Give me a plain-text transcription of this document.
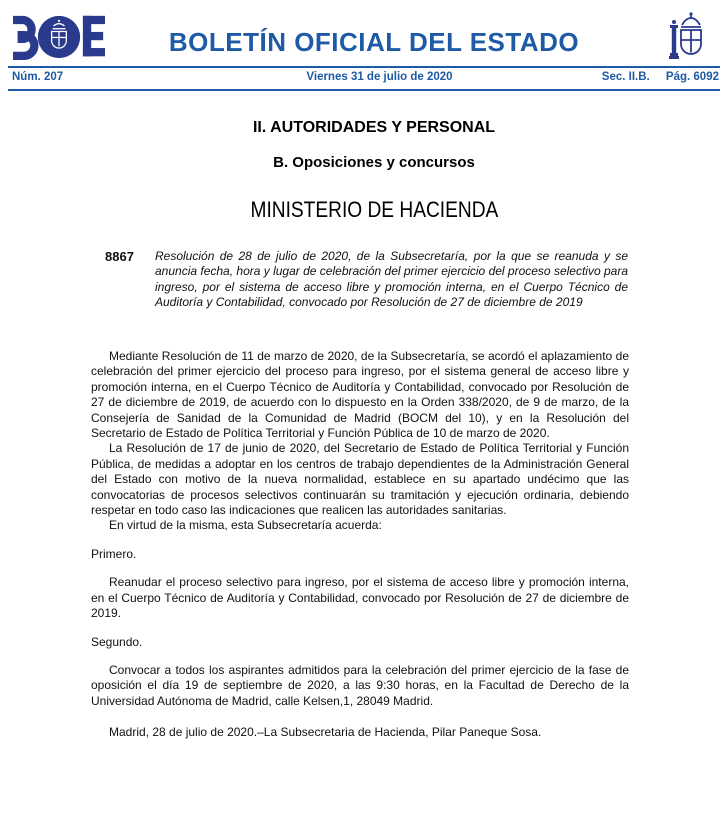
BOLETÍN OFICIAL DEL ESTADO
Núm. 207	Viernes 31 de julio de 2020	Sec. II.B. Pág. 6092
II. AUTORIDADES Y PERSONAL
B. Oposiciones y concursos
MINISTERIO DE HACIENDA
8867	Resolución de 28 de julio de 2020, de la Subsecretaría, por la que se reanuda y se anuncia fecha, hora y lugar de celebración del primer ejercicio del proceso selectivo para ingreso, por el sistema de acceso libre y promoción interna, en el Cuerpo Técnico de Auditoría y Contabilidad, convocado por Resolución de 27 de diciembre de 2019

Mediante Resolución de 11 de marzo de 2020, de la Subsecretaría, se acordó el aplazamiento de celebración del primer ejercicio del proceso para ingreso, por el sistema general de acceso libre y promoción interna, en el Cuerpo Técnico de Auditoría y Contabilidad, convocado por Resolución de 27 de diciembre de 2019, de acuerdo con lo dispuesto en la Orden 338/2020, de 9 de marzo, de la Consejería de Sanidad de la Comunidad de Madrid (BOCM del 10), y en la Resolución del Secretario de Estado de Política Territorial y Función Pública de 10 de marzo de 2020.

La Resolución de 17 de junio de 2020, del Secretario de Estado de Política Territorial y Función Pública, de medidas a adoptar en los centros de trabajo dependientes de la Administración General del Estado con motivo de la nueva normalidad, establece en su apartado undécimo que las convocatorias de procesos selectivos continuarán su tramitación y ejecución ordinaria, debiendo respetar en todo caso las indicaciones que realicen las autoridades sanitarias.

En virtud de la misma, esta Subsecretaría acuerda:

Primero.

Reanudar el proceso selectivo para ingreso, por el sistema de acceso libre y promoción interna, en el Cuerpo Técnico de Auditoría y Contabilidad, convocado por Resolución de 27 de diciembre de 2019.

Segundo.

Convocar a todos los aspirantes admitidos para la celebración del primer ejercicio de la fase de oposición el día 19 de septiembre de 2020, a las 9:30 horas, en la Facultad de Derecho de la Universidad Autónoma de Madrid, calle Kelsen,1, 28049 Madrid.

Madrid, 28 de julio de 2020.–La Subsecretaria de Hacienda, Pilar Paneque Sosa.
